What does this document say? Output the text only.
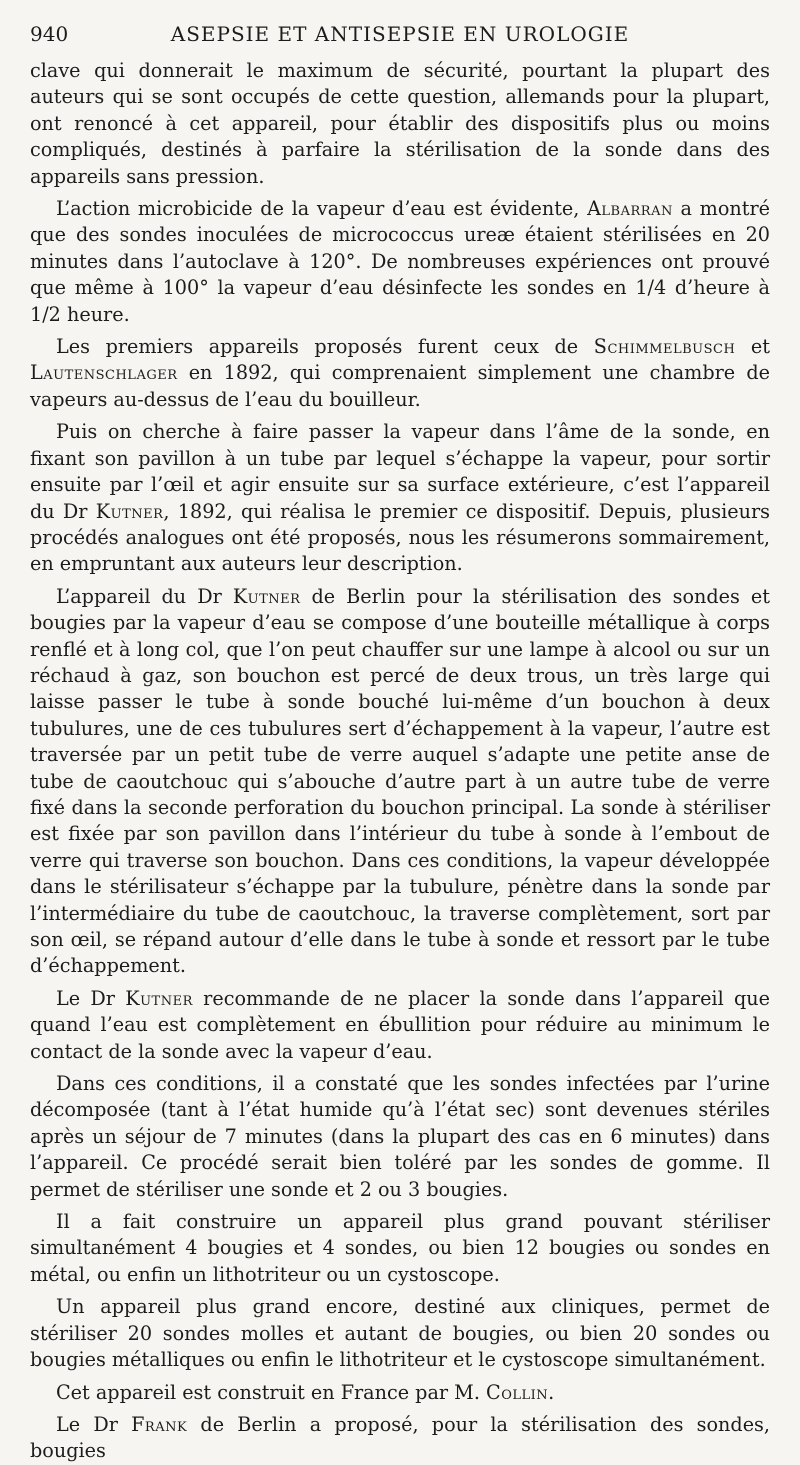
940	ASEPSIE ET ANTISEPSIE EN UROLOGIE

clave qui donnerait le maximum de sécurité, pourtant la plupart des auteurs qui se sont occupés de cette question, allemands pour la plupart, ont renoncé à cet appareil, pour établir des dispositifs plus ou moins compliqués, destinés à parfaire la stérilisation de la sonde dans des appareils sans pression.

L’action microbicide de la vapeur d’eau est évidente, Albarran a montré que des sondes inoculées de micrococcus ureæ étaient stérilisées en 20 minutes dans l’autoclave à 120°. De nombreuses expériences ont prouvé que même à 100° la vapeur d’eau désinfecte les sondes en 1/4 d’heure à 1/2 heure.

Les premiers appareils proposés furent ceux de Schimmelbusch et Lautenschlager en 1892, qui comprenaient simplement une chambre de vapeurs au-dessus de l’eau du bouilleur.

Puis on cherche à faire passer la vapeur dans l’âme de la sonde, en fixant son pavillon à un tube par lequel s’échappe la vapeur, pour sortir ensuite par l’œil et agir ensuite sur sa surface extérieure, c’est l’appareil du Dr Kutner, 1892, qui réalisa le premier ce dispositif. Depuis, plusieurs procédés analogues ont été proposés, nous les résumerons sommairement, en empruntant aux auteurs leur description.

L’appareil du Dr Kutner de Berlin pour la stérilisation des sondes et bougies par la vapeur d’eau se compose d’une bouteille métallique à corps renflé et à long col, que l’on peut chauffer sur une lampe à alcool ou sur un réchaud à gaz, son bouchon est percé de deux trous, un très large qui laisse passer le tube à sonde bouché lui-même d’un bouchon à deux tubulures, une de ces tubulures sert d’échappement à la vapeur, l’autre est traversée par un petit tube de verre auquel s’adapte une petite anse de tube de caoutchouc qui s’abouche d’autre part à un autre tube de verre fixé dans la seconde perforation du bouchon principal. La sonde à stériliser est fixée par son pavillon dans l’intérieur du tube à sonde à l’embout de verre qui traverse son bouchon. Dans ces conditions, la vapeur développée dans le stérilisateur s’échappe par la tubulure, pénètre dans la sonde par l’intermédiaire du tube de caoutchouc, la traverse complètement, sort par son œil, se répand autour d’elle dans le tube à sonde et ressort par le tube d’échappement.

Le Dr Kutner recommande de ne placer la sonde dans l’appareil que quand l’eau est complètement en ébullition pour réduire au minimum le contact de la sonde avec la vapeur d’eau.

Dans ces conditions, il a constaté que les sondes infectées par l’urine décomposée (tant à l’état humide qu’à l’état sec) sont devenues stériles après un séjour de 7 minutes (dans la plupart des cas en 6 minutes) dans l’appareil. Ce procédé serait bien toléré par les sondes de gomme. Il permet de stériliser une sonde et 2 ou 3 bougies.

Il a fait construire un appareil plus grand pouvant stériliser simultanément 4 bougies et 4 sondes, ou bien 12 bougies ou sondes en métal, ou enfin un lithotriteur ou un cystoscope.

Un appareil plus grand encore, destiné aux cliniques, permet de stériliser 20 sondes molles et autant de bougies, ou bien 20 sondes ou bougies métalliques ou enfin le lithotriteur et le cystoscope simultanément.

Cet appareil est construit en France par M. Collin.

Le Dr Frank de Berlin a proposé, pour la stérilisation des sondes, bougies
